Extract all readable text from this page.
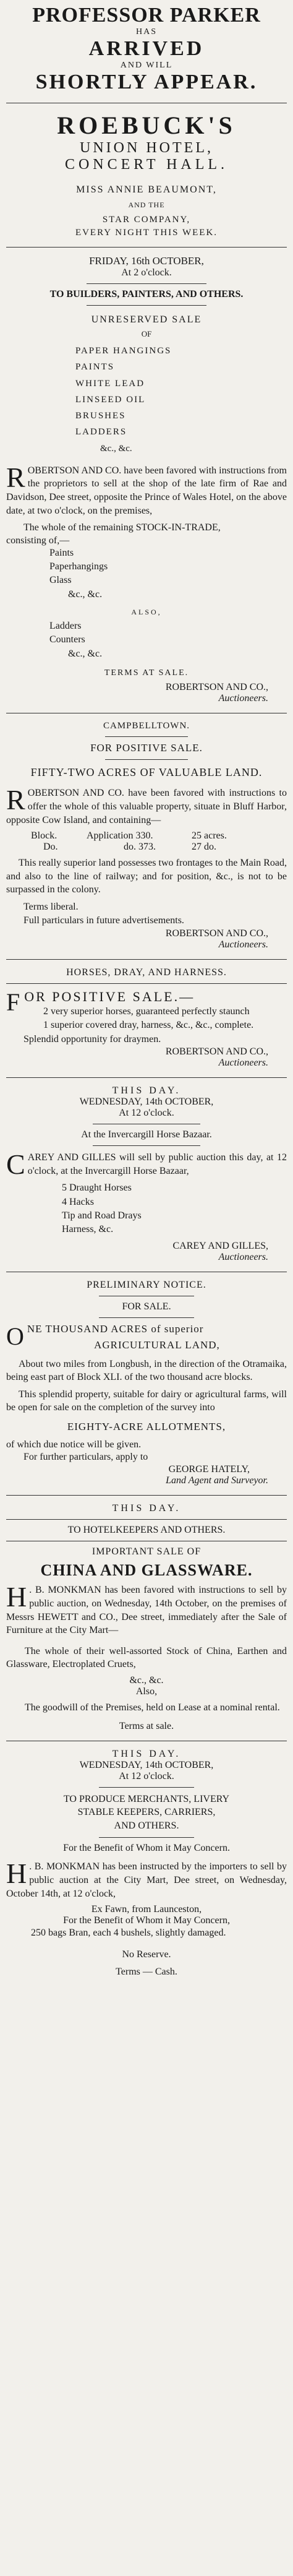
PROFESSOR PARKER
HAS
ARRIVED
AND WILL
SHORTLY APPEAR.
ROEBUCK'S
UNION HOTEL,
CONCERT HALL.
MISS ANNIE BEAUMONT,
AND THE
STAR COMPANY,
EVERY NIGHT THIS WEEK.
FRIDAY, 16th OCTOBER,
At 2 o'clock.
TO BUILDERS, PAINTERS, AND OTHERS.
UNRESERVED SALE
OF
PAPER HANGINGS
PAINTS
WHITE LEAD
LINSEED OIL
BRUSHES
LADDERS
&c., &c.
ROBERTSON AND CO. have been favored with instructions from the proprietors to sell at the shop of the late firm of Rae and Davidson, Dee street, opposite the Prince of Wales Hotel, on the above date, at two o'clock, on the premises,
The whole of the remaining STOCK-IN-TRADE,
consisting of,—
Paints
Paperhangings
Glass
&c., &c.
ALSO,
Ladders
Counters
&c., &c.
TERMS AT SALE.
ROBERTSON AND CO.,
Auctioneers.
CAMPBELLTOWN.
FOR POSITIVE SALE.
FIFTY-TWO ACRES OF VALUABLE LAND.
ROBERTSON AND CO. have been favored with instructions to offer the whole of this valuable property, situate in Bluff Harbor, opposite Cow Island, and containing—
Block.	Application 330.	25 acres.
Do.	do. 373.	27 do.
This really superior land possesses two frontages to the Main Road, and also to the line of railway; and for position, &c., is not to be surpassed in the colony.
Terms liberal.
Full particulars in future advertisements.
ROBERTSON AND CO.,
Auctioneers.
HORSES, DRAY, AND HARNESS.
FOR POSITIVE SALE.—
2 very superior horses, guaranteed perfectly staunch
1 superior covered dray, harness, &c., &c., complete.
Splendid opportunity for draymen.
ROBERTSON AND CO.,
Auctioneers.
THIS DAY.
WEDNESDAY, 14th OCTOBER,
At 12 o'clock.
At the Invercargill Horse Bazaar.
CAREY AND GILLES will sell by public auction this day, at 12 o'clock, at the Invercargill Horse Bazaar,
5 Draught Horses
4 Hacks
Tip and Road Drays
Harness, &c.
CAREY AND GILLES,
Auctioneers.
PRELIMINARY NOTICE.
FOR SALE.
ONE THOUSAND ACRES of superior
AGRICULTURAL LAND,
About two miles from Longbush, in the direction of the Otramaika, being east part of Block XLI. of the two thousand acre blocks.
This splendid property, suitable for dairy or agricultural farms, will be open for sale on the completion of the survey into
EIGHTY-ACRE ALLOTMENTS,
of which due notice will be given.
For further particulars, apply to
GEORGE HATELY,
Land Agent and Surveyor.
THIS DAY.
TO HOTELKEEPERS AND OTHERS.
IMPORTANT SALE OF
CHINA AND GLASSWARE.
H . B. MONKMAN has been favored with instructions to sell by public auction, on Wednesday, 14th October, on the premises of Messrs HEWETT and CO., Dee street, immediately after the Sale of Furniture at the City Mart—
The whole of their well-assorted Stock of China, Earthen and Glassware, Electroplated Cruets,
&c., &c.
Also,
The goodwill of the Premises, held on Lease at a nominal rental.
Terms at sale.
THIS DAY.
WEDNESDAY, 14th OCTOBER,
At 12 o'clock.
TO PRODUCE MERCHANTS, LIVERY
STABLE KEEPERS, CARRIERS,
AND OTHERS.
For the Benefit of Whom it May Concern.
H . B. MONKMAN has been instructed by the importers to sell by public auction at the City Mart, Dee street, on Wednesday, October 14th, at 12 o'clock,
Ex Fawn, from Launceston,
For the Benefit of Whom it May Concern,
250 bags Bran, each 4 bushels, slightly damaged.
No Reserve.
Terms — Cash.
